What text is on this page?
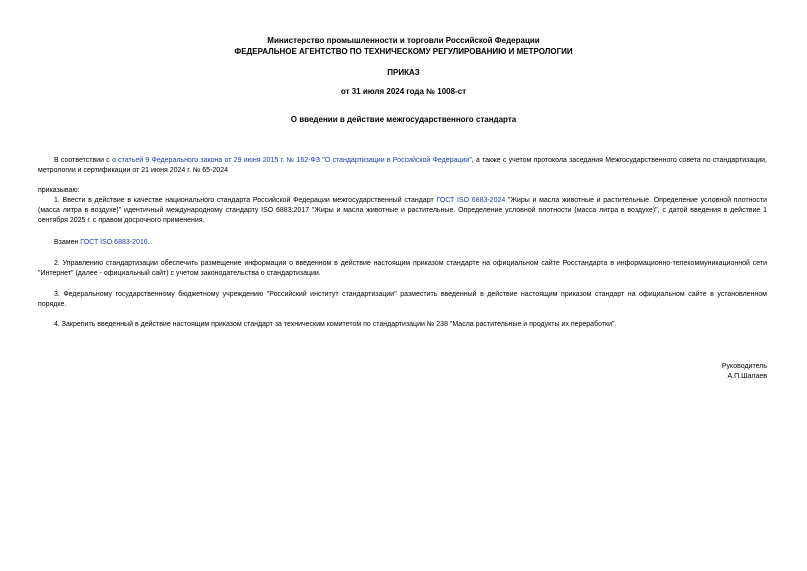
Министерство промышленности и торговли Российской Федерации
ФЕДЕРАЛЬНОЕ АГЕНТСТВО ПО ТЕХНИЧЕСКОМУ РЕГУЛИРОВАНИЮ И МЕТРОЛОГИИ
ПРИКАЗ
от 31 июля 2024 года № 1008-ст
О введении в действие межгосударственного стандарта
В соответствии с о статьей 9 Федерального закона от 29 июня 2015 г. № 162-ФЗ "О стандартизации в Российской Федерации", а также с учетом протокола заседания Межгосударственного совета по стандартизации, метрологии и сертификации от 21 июня 2024 г. № 65-2024
приказываю:
1. Ввести в действие в качестве национального стандарта Российской Федерации межгосударственный стандарт ГОСТ ISO 6883-2024 "Жиры и масла животные и растительные. Определение условной плотности (масса литра в воздухе)" идентичный международному стандарту ISO 6883:2017 "Жиры и масла животные и растительные. Определение условной плотности (масса литра в воздухе)", с датой введения в действие 1 сентября 2025 г. с правом досрочного применения.
Взамен ГОСТ ISO 6883-2016.
2. Управлению стандартизации обеспечить размещение информации о введенном в действие настоящим приказом стандарте на официальном сайте Росстандарта в информационно-телекоммуникационной сети "Интернет" (далее - официальный сайт) с учетом законодательства о стандартизации.
3. Федеральному государственному бюджетному учреждению "Российский институт стандартизации" разместить введенный в действие настоящим приказом стандарт на официальном сайте в установленном порядке.
4. Закрепить введенный в действие настоящим приказом стандарт за техническим комитетом по стандартизации № 238 "Масла растительные и продукты их переработки".
Руководитель
А.П.Шалаев
